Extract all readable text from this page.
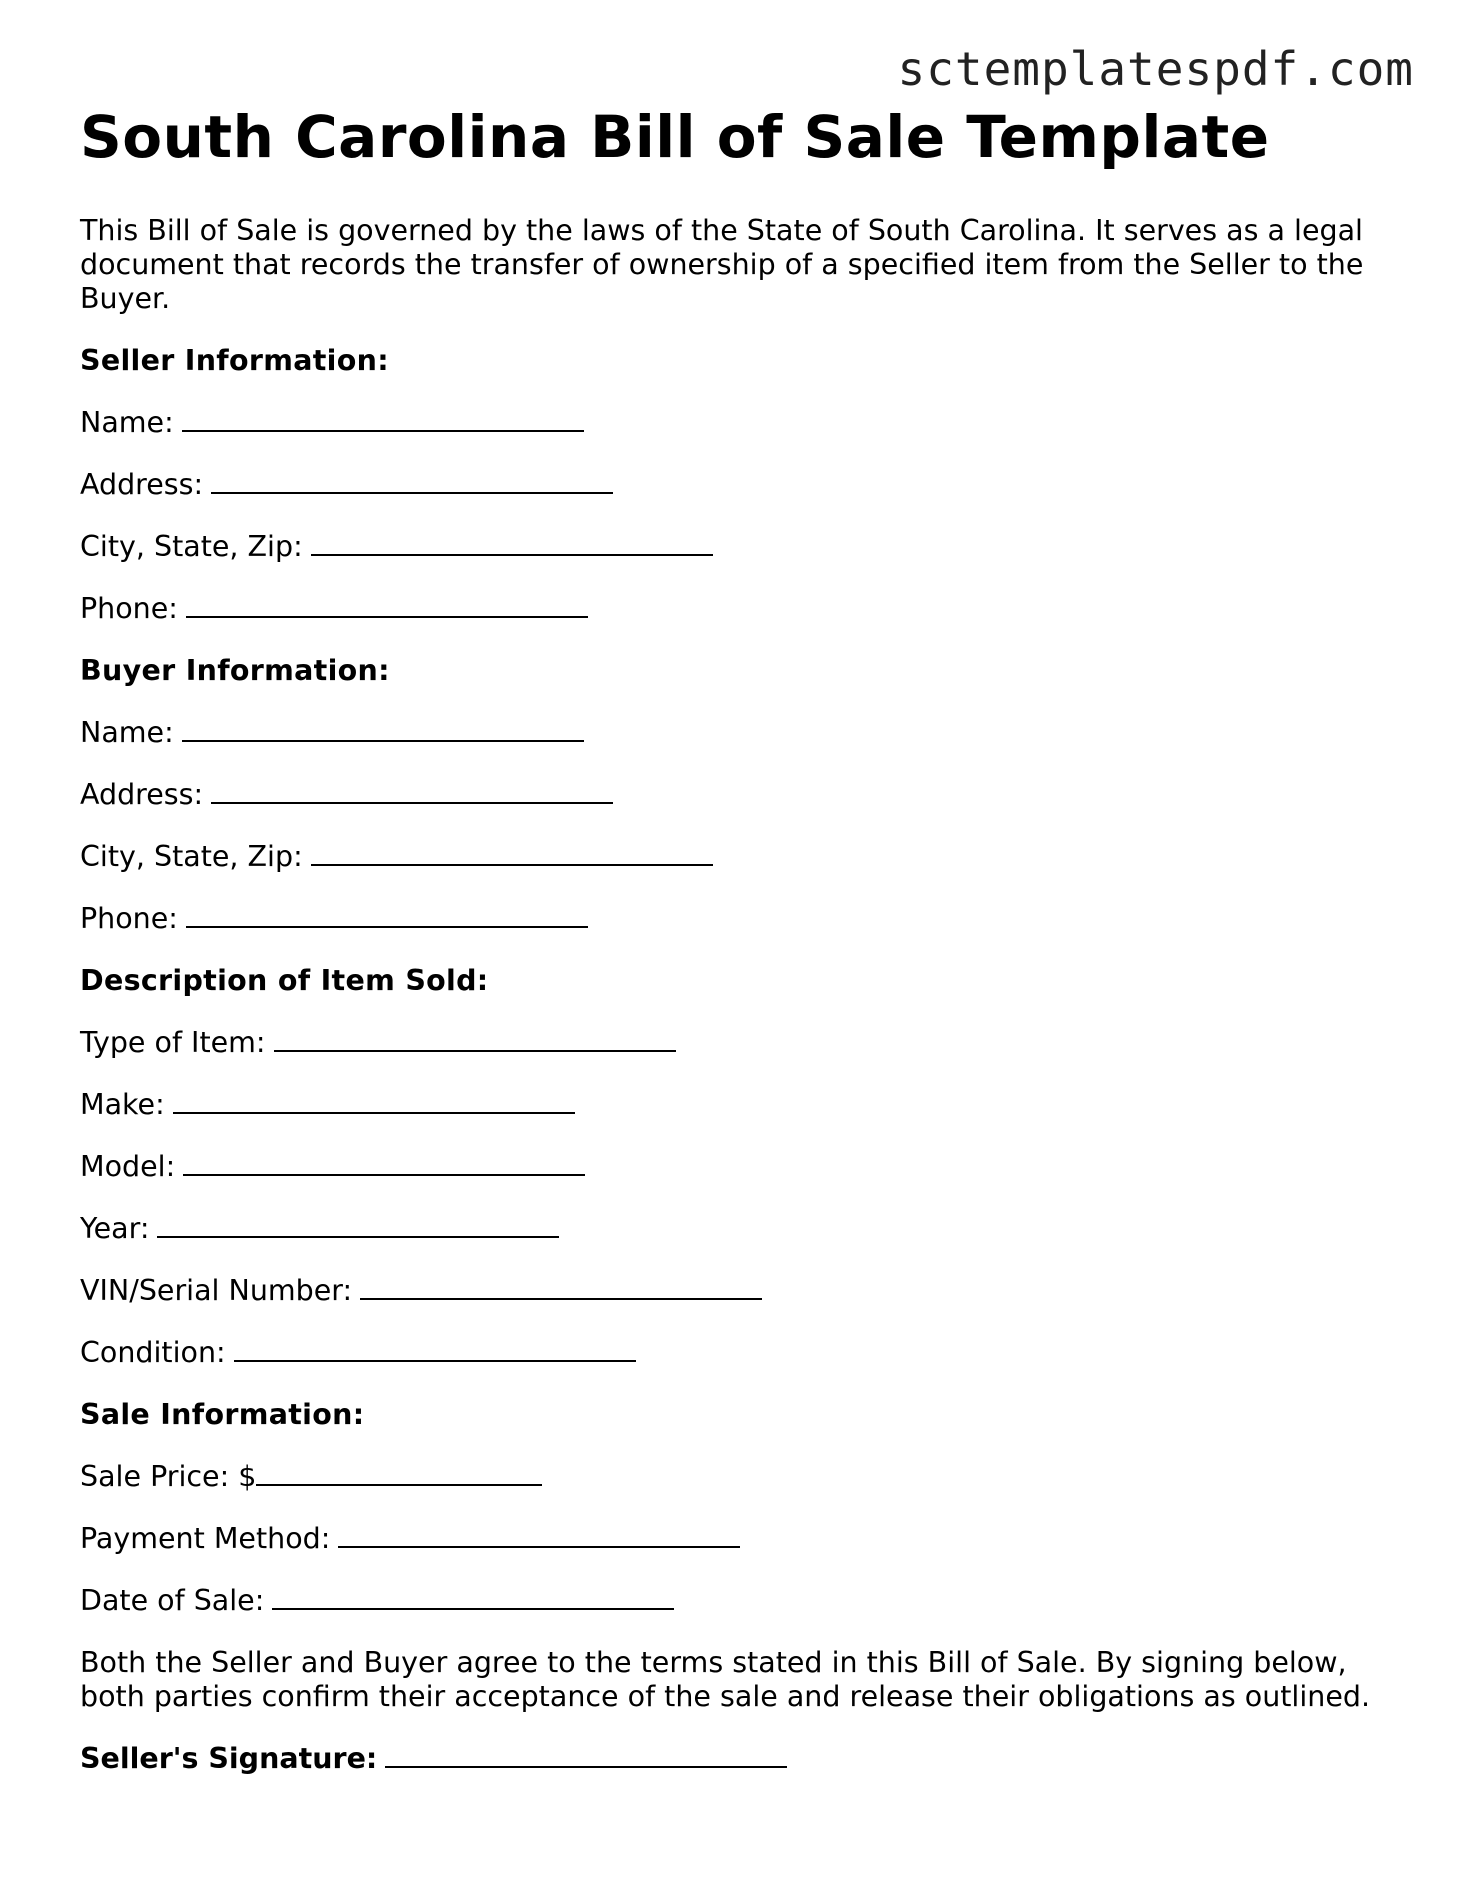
sctemplatespdf.com
South Carolina Bill of Sale Template

This Bill of Sale is governed by the laws of the State of South Carolina. It serves as a legal document that records the transfer of ownership of a specified item from the Seller to the Buyer.

Seller Information:

Name:

Address:

City, State, Zip:

Phone:

Buyer Information:

Name:

Address:

City, State, Zip:

Phone:

Description of Item Sold:

Type of Item:

Make:

Model:

Year:

VIN/Serial Number:

Condition:

Sale Information:

Sale Price: $

Payment Method:

Date of Sale:

Both the Seller and Buyer agree to the terms stated in this Bill of Sale. By signing below, both parties confirm their acceptance of the sale and release their obligations as outlined.

Seller's Signature:
